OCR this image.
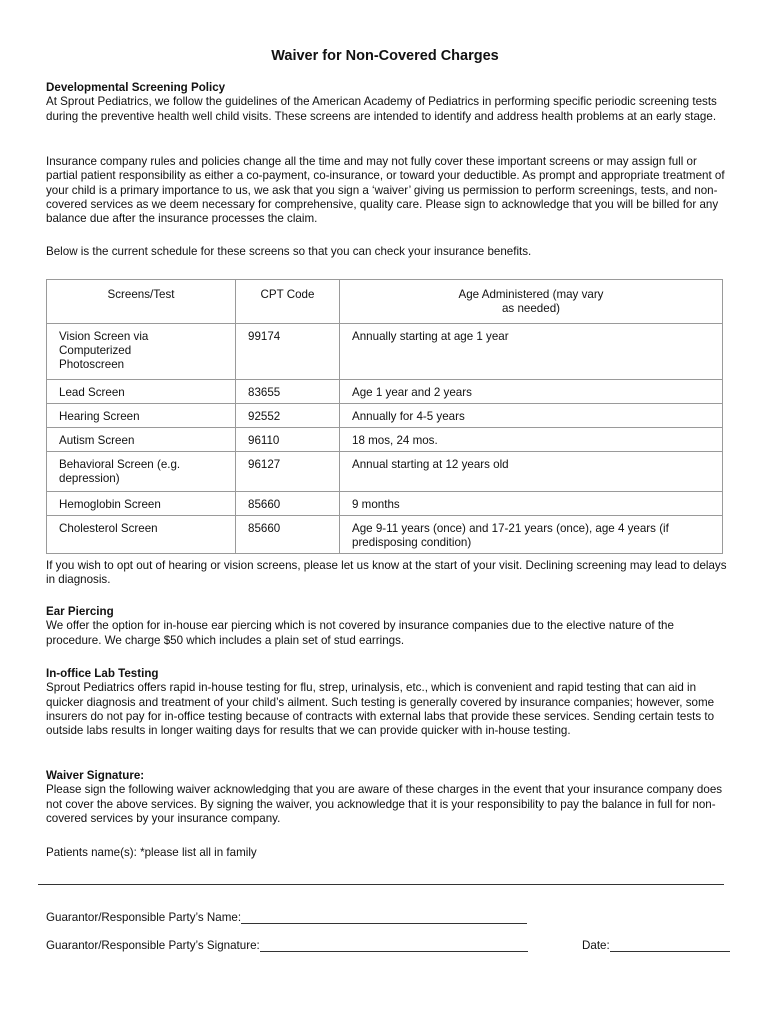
Waiver for Non-Covered Charges
Developmental Screening Policy

At Sprout Pediatrics, we follow the guidelines of the American Academy of Pediatrics in performing specific periodic screening tests during the preventive health well child visits. These screens are intended to identify and address health problems at an early stage.

Insurance company rules and policies change all the time and may not fully cover these important screens or may assign full or partial patient responsibility as either a co-payment, co-insurance, or toward your deductible. As prompt and appropriate treatment of your child is a primary importance to us, we ask that you sign a ‘waiver’ giving us permission to perform screenings, tests, and non-covered services as we deem necessary for comprehensive, quality care. Please sign to acknowledge that you will be billed for any balance due after the insurance processes the claim.

Below is the current schedule for these screens so that you can check your insurance benefits.

Screens/Test	CPT Code	Age Administered (may vary as needed)

Vision Screen via Computerized Photoscreen	99174	Annually starting at age 1 year
Lead Screen	83655	Age 1 year and 2 years
Hearing Screen	92552	Annually for 4-5 years
Autism Screen	96110	18 mos, 24 mos.

Behavioral Screen (e.g. depression)	96127	Annual starting at 12 years old
Hemoglobin Screen	85660	9 months
Cholesterol Screen	85660	Age 9-11 years (once) and 17-21 years (once), age 4 years (if predisposing condition)

If you wish to opt out of hearing or vision screens, please let us know at the start of your visit. Declining screening may lead to delays in diagnosis.

Ear Piercing

We offer the option for in-house ear piercing which is not covered by insurance companies due to the elective nature of the procedure. We charge $50 which includes a plain set of stud earrings.

In-office Lab Testing

Sprout Pediatrics offers rapid in-house testing for flu, strep, urinalysis, etc., which is convenient and rapid testing that can aid in quicker diagnosis and treatment of your child’s ailment. Such testing is generally covered by insurance companies; however, some insurers do not pay for in-office testing because of contracts with external labs that provide these services. Sending certain tests to outside labs results in longer waiting days for results that we can provide quicker with in-house testing.

Waiver Signature:

Please sign the following waiver acknowledging that you are aware of these charges in the event that your insurance company does not cover the above services. By signing the waiver, you acknowledge that it is your responsibility to pay the balance in full for non-covered services by your insurance company.

Patients name(s): *please list all in family
Guarantor/Responsible Party’s Name:
Guarantor/Responsible Party’s Signature:	Date:
